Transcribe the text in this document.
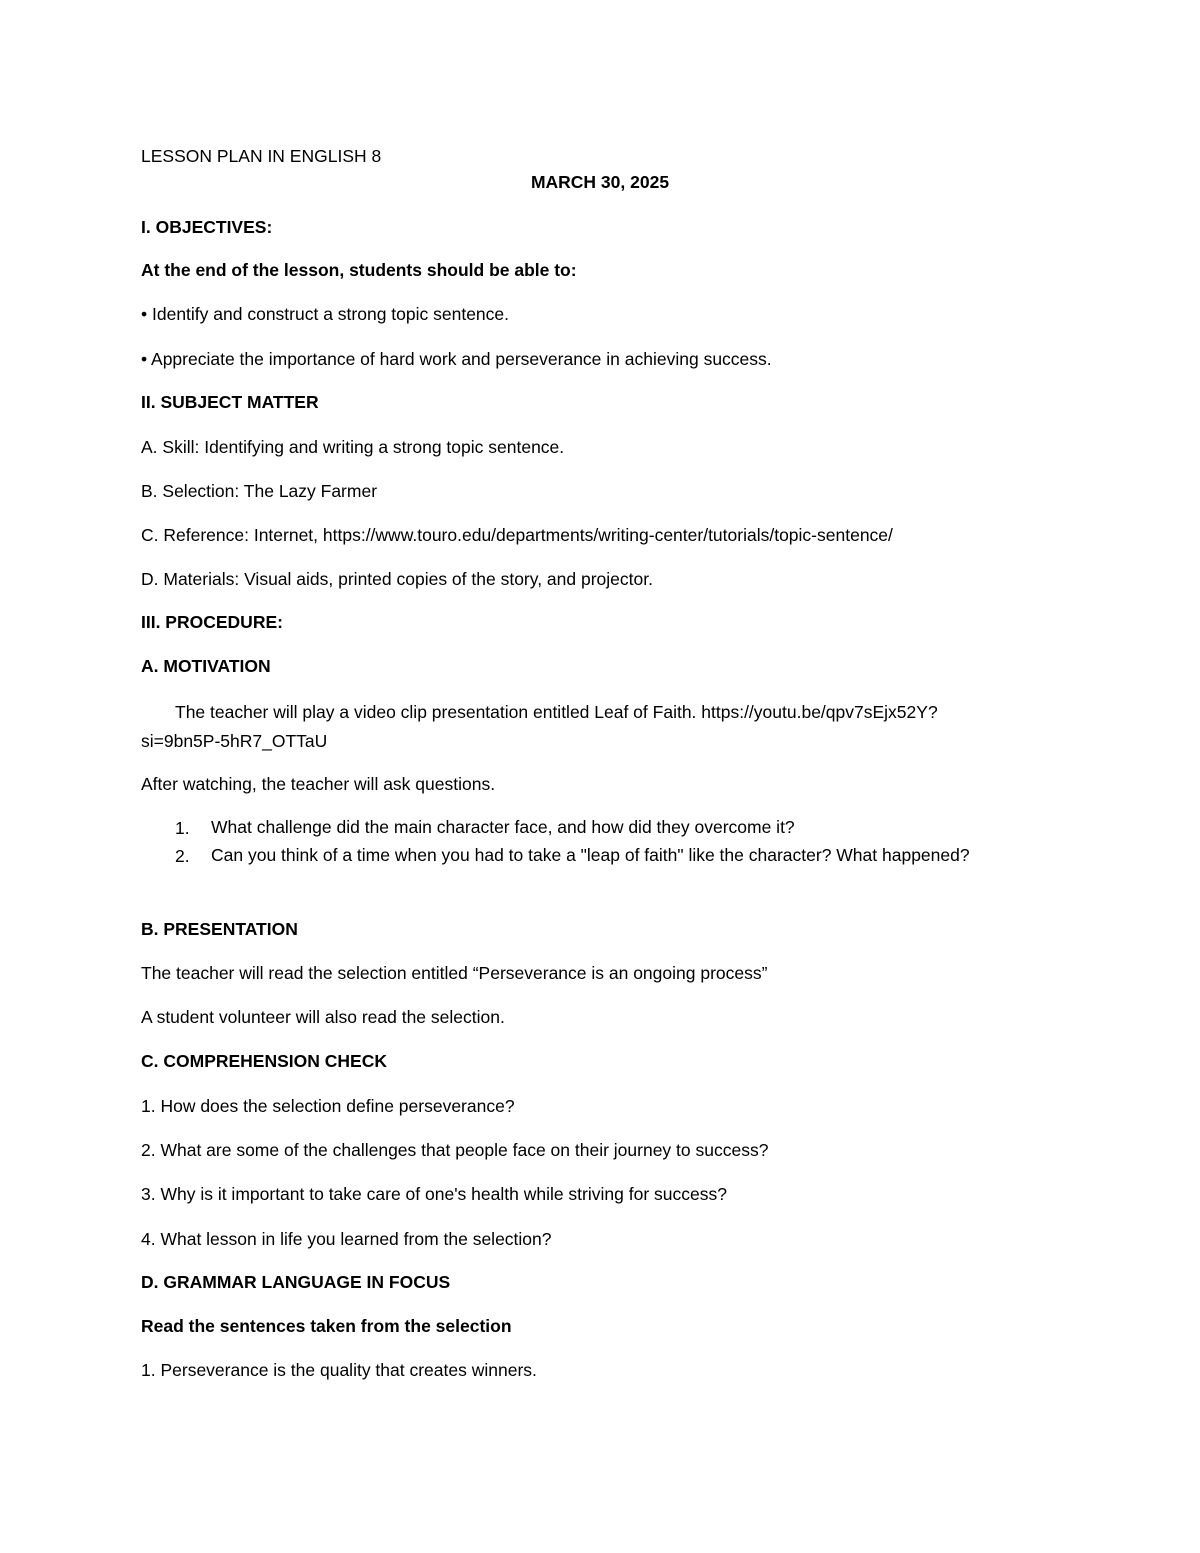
LESSON PLAN IN ENGLISH 8
MARCH 30, 2025
I. OBJECTIVES:
At the end of the lesson, students should be able to:
• Identify and construct a strong topic sentence.
• Appreciate the importance of hard work and perseverance in achieving success.
II. SUBJECT MATTER
A. Skill: Identifying and writing a strong topic sentence.
B. Selection: The Lazy Farmer
C. Reference: Internet, https://www.touro.edu/departments/writing-center/tutorials/topic-sentence/
D. Materials: Visual aids, printed copies of the story, and projector.
III. PROCEDURE:
A. MOTIVATION
The teacher will play a video clip presentation entitled Leaf of Faith. https://youtu.be/qpv7sEjx52Y?
si=9bn5P-5hR7_OTTaU
After watching, the teacher will ask questions.
1. What challenge did the main character face, and how did they overcome it?
2. Can you think of a time when you had to take a "leap of faith" like the character? What happened?
B. PRESENTATION
The teacher will read the selection entitled “Perseverance is an ongoing process”
A student volunteer will also read the selection.
C. COMPREHENSION CHECK
1. How does the selection define perseverance?
2. What are some of the challenges that people face on their journey to success?
3. Why is it important to take care of one's health while striving for success?
4. What lesson in life you learned from the selection?
D. GRAMMAR LANGUAGE IN FOCUS
Read the sentences taken from the selection
1. Perseverance is the quality that creates winners.
